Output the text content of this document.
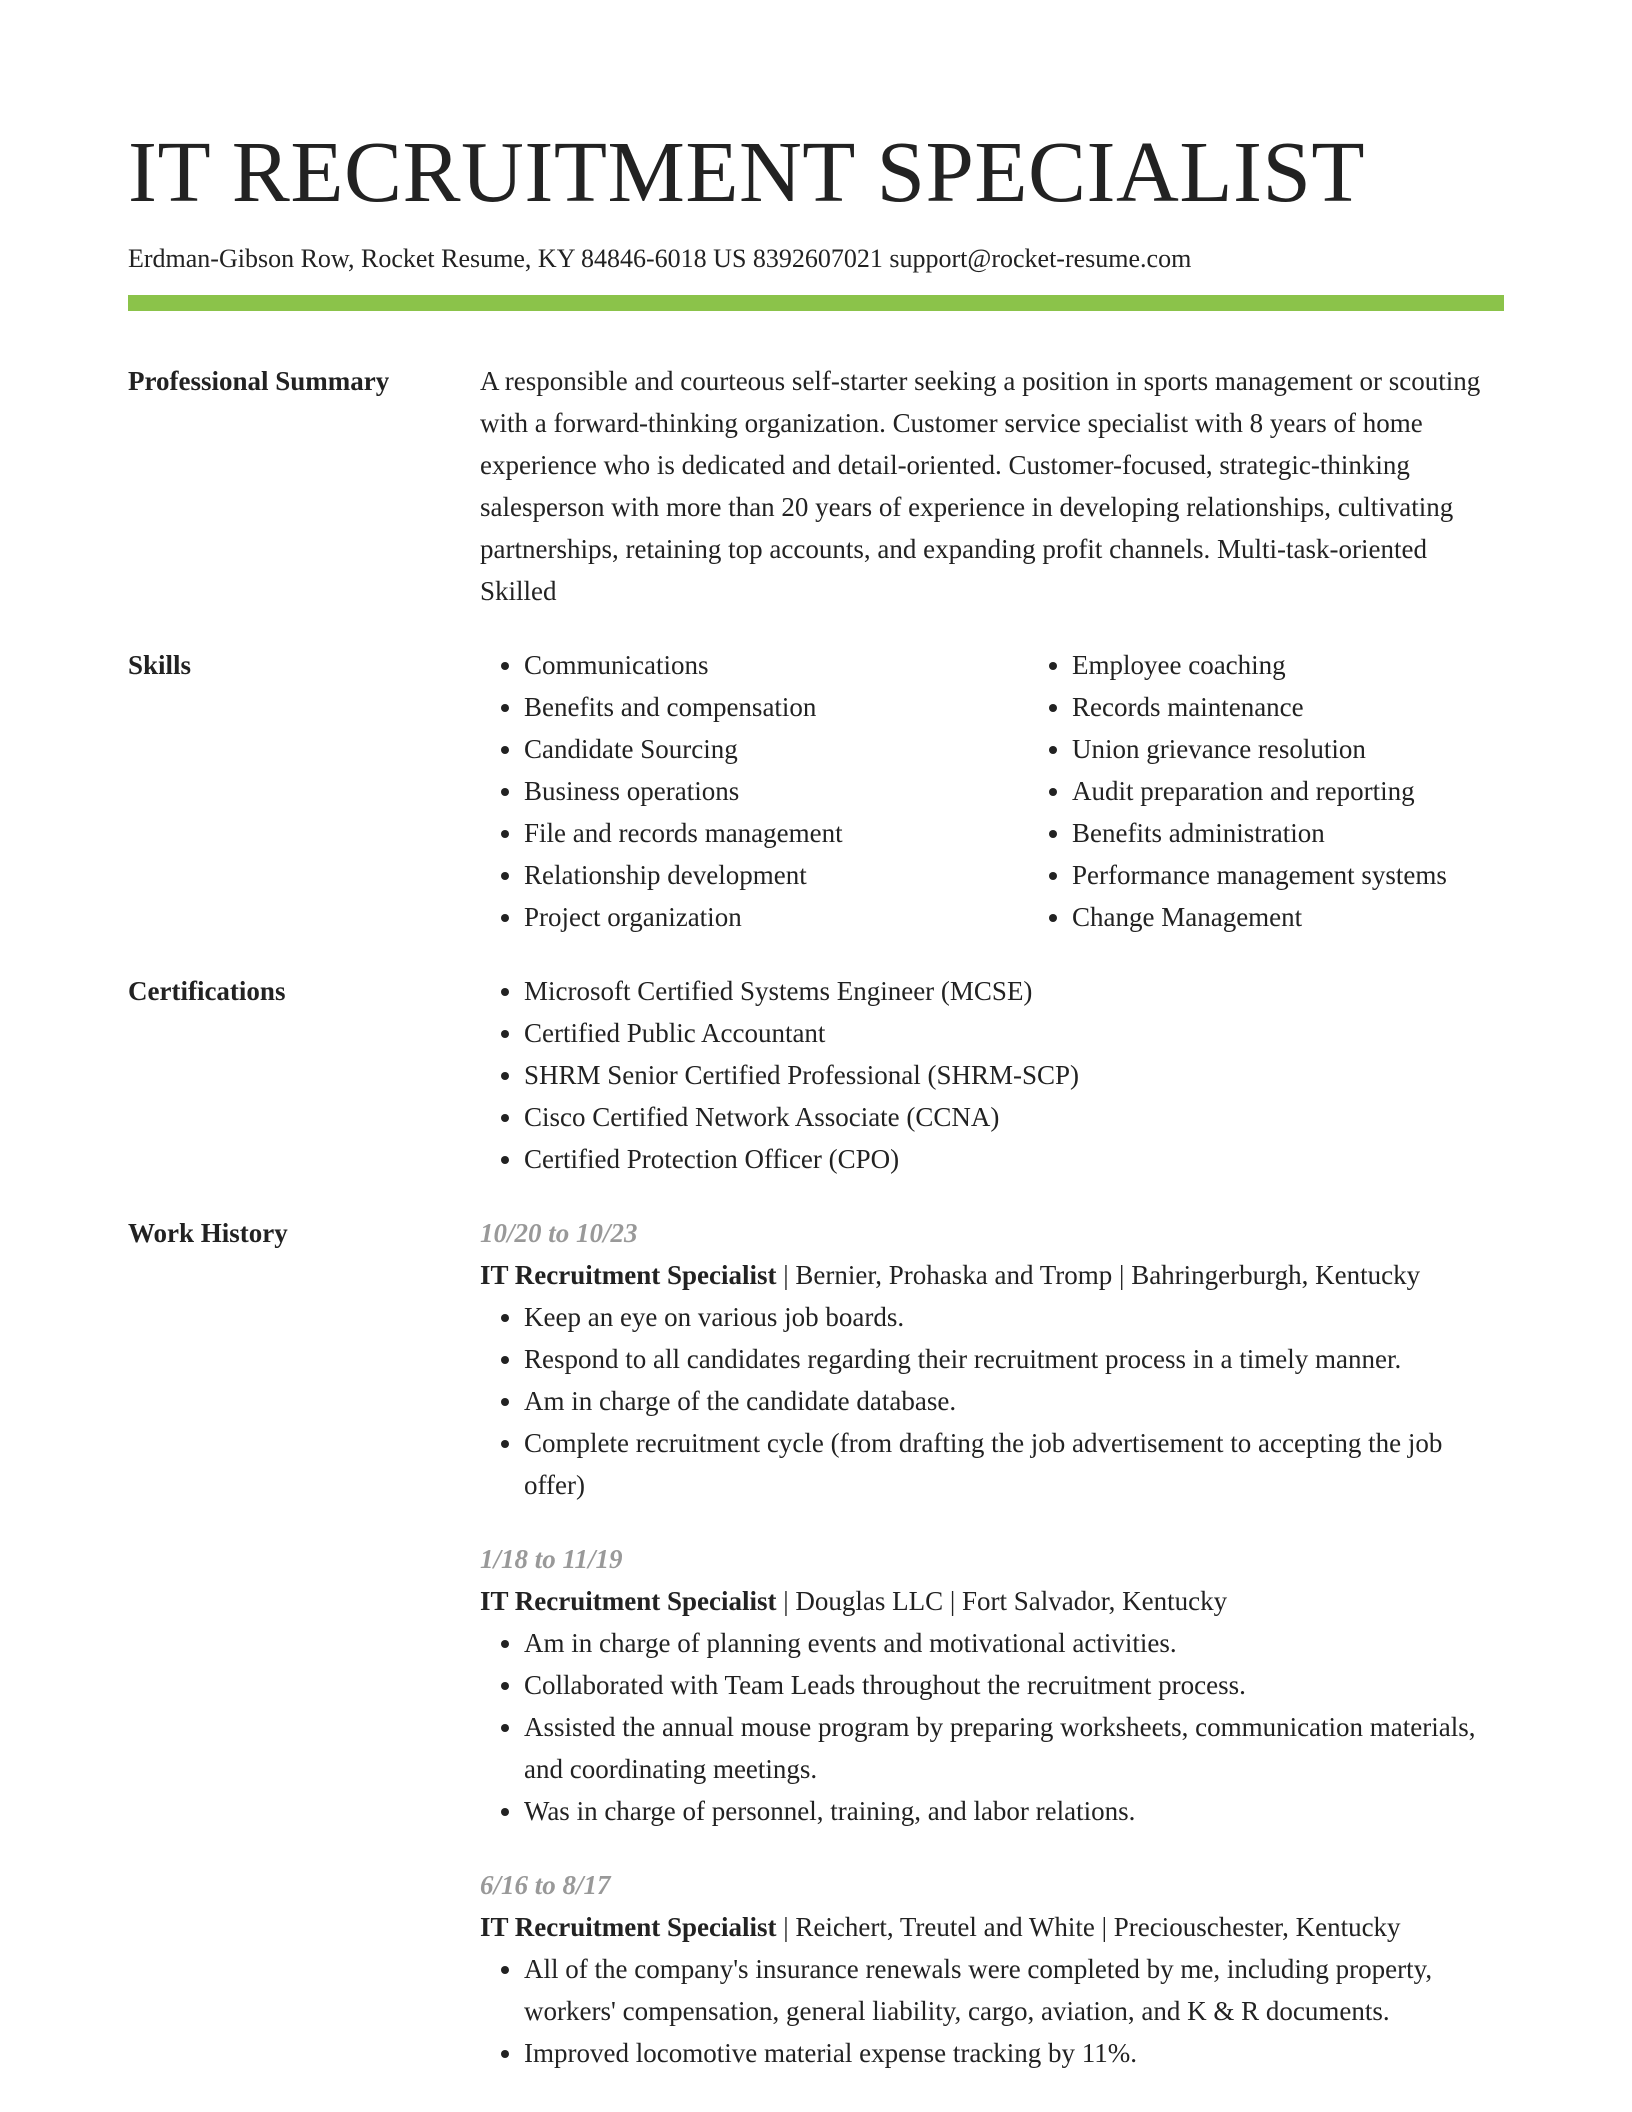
IT RECRUITMENT SPECIALIST
Erdman-Gibson Row, Rocket Resume, KY 84846-6018 US 8392607021 support@rocket-resume.com
Professional Summary	A responsible and courteous self-starter seeking a position in sports management or scouting with a forward-thinking organization. Customer service specialist with 8 years of home experience who is dedicated and detail-oriented. Customer-focused, strategic-thinking salesperson with more than 20 years of experience in developing relationships, cultivating partnerships, retaining top accounts, and expanding profit channels. Multi-task-oriented Skilled

Skills	• Communications
• Benefits and compensation
• Candidate Sourcing
• Business operations
• File and records management
• Relationship development
• Project organization
• Employee coaching
• Records maintenance
• Union grievance resolution
• Audit preparation and reporting
• Benefits administration
• Performance management systems
• Change Management
Certifications	• Microsoft Certified Systems Engineer (MCSE)
• Certified Public Accountant
• SHRM Senior Certified Professional (SHRM-SCP)
• Cisco Certified Network Associate (CCNA)
• Certified Protection Officer (CPO)
Work History	10/20 to 10/23

IT Recruitment Specialist | Bernier, Prohaska and Tromp | Bahringerburgh, Kentucky

• Keep an eye on various job boards.
• Respond to all candidates regarding their recruitment process in a timely manner.
• Am in charge of the candidate database.
• Complete recruitment cycle (from drafting the job advertisement to accepting the job offer)

1/18 to 11/19

IT Recruitment Specialist | Douglas LLC | Fort Salvador, Kentucky

• Am in charge of planning events and motivational activities.
• Collaborated with Team Leads throughout the recruitment process.
• Assisted the annual mouse program by preparing worksheets, communication materials, and coordinating meetings.
• Was in charge of personnel, training, and labor relations.

6/16 to 8/17

IT Recruitment Specialist | Reichert, Treutel and White | Preciouschester, Kentucky

• All of the company's insurance renewals were completed by me, including property, workers' compensation, general liability, cargo, aviation, and K & R documents.
• Improved locomotive material expense tracking by 11%.
